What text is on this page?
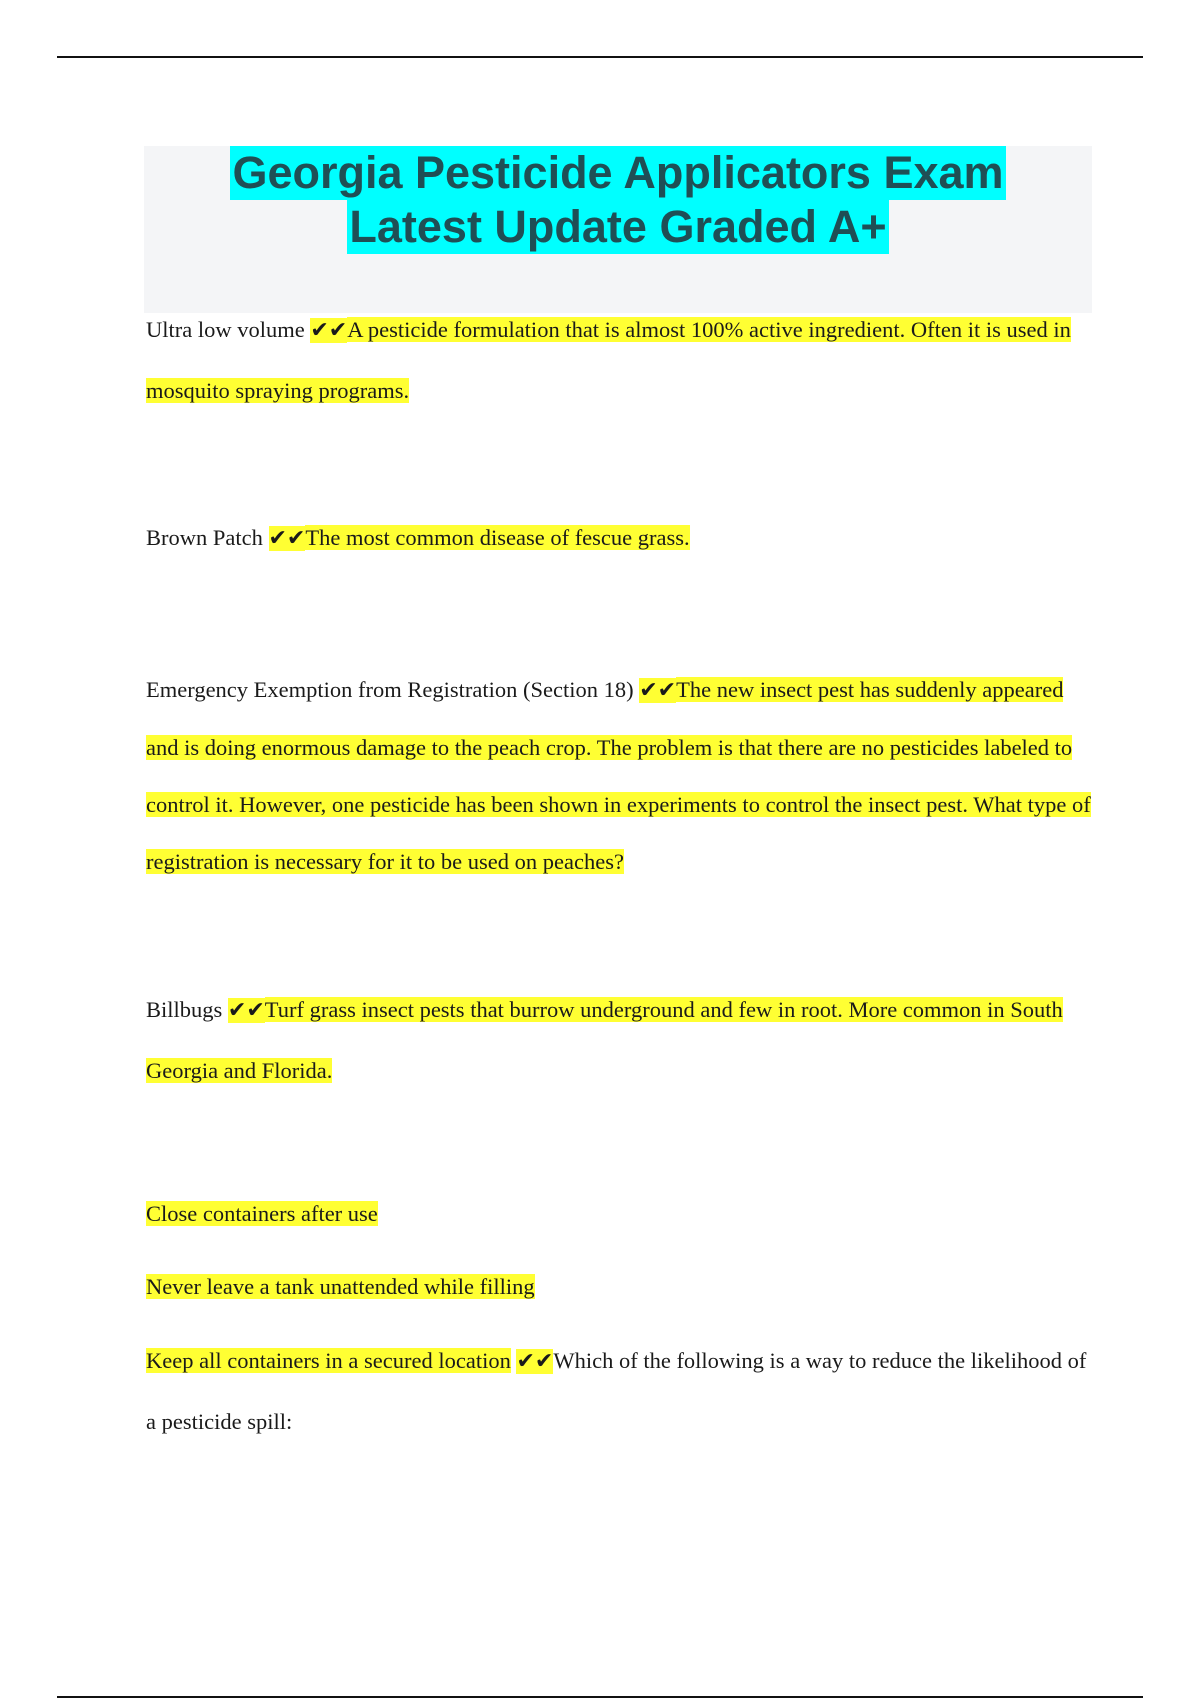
Georgia Pesticide Applicators Exam
Latest Update Graded A+

Ultra low volume ✔✔A pesticide formulation that is almost 100% active ingredient. Often it is used in mosquito spraying programs.

Brown Patch ✔✔The most common disease of fescue grass.

Emergency Exemption from Registration (Section 18) ✔✔The new insect pest has suddenly appeared and is doing enormous damage to the peach crop. The problem is that there are no pesticides labeled to control it. However, one pesticide has been shown in experiments to control the insect pest. What type of registration is necessary for it to be used on peaches?

Billbugs ✔✔Turf grass insect pests that burrow underground and few in root. More common in South Georgia and Florida.

Close containers after use

Never leave a tank unattended while filling

Keep all containers in a secured location ✔✔Which of the following is a way to reduce the likelihood of a pesticide spill:
